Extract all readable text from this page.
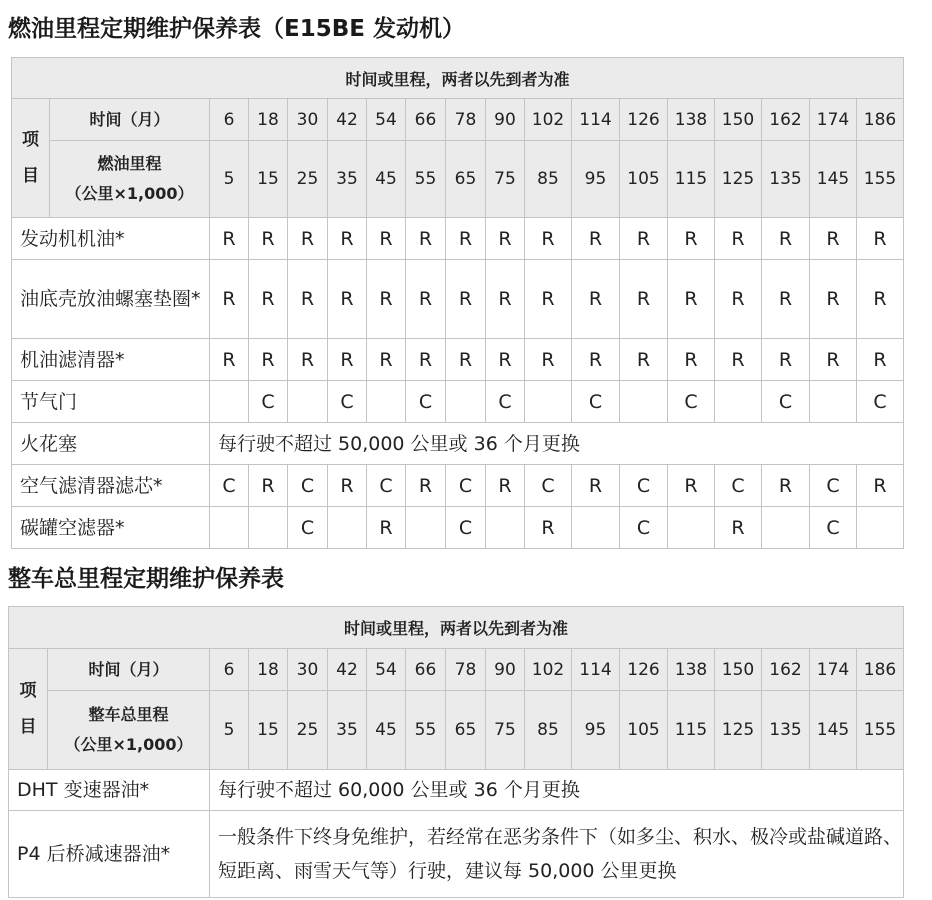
燃油里程定期维护保养表（E15BE 发动机）
时间或里程，两者以先到者为准																	

项
目	时间（月）	6	18	30	42	54	66	78	90	102	114	126	138	150	162	174	186

	燃油里程
（公里×1,000）	5	15	25	35	45	55	65	75	85	95	105	115	125	135	145	155
发动机机油*		R	R	R	R	R	R	R	R	R	R	R	R	R	R	R	R
油底壳放油螺塞垫圈*		R	R	R	R	R	R	R	R	R	R	R	R	R	R	R	R
机油滤清器*		R	R	R	R	R	R	R	R	R	R	R	R	R	R	R	R
节气门			C		C		C		C		C		C		C		C
火花塞		每行驶不超过 50,000 公里或 36 个月更换															
空气滤清器滤芯*		C	R	C	R	C	R	C	R	C	R	C	R	C	R	C	R
碳罐空滤器*				C		R		C		R		C		R		C	
整车总里程定期维护保养表
时间或里程，两者以先到者为准																	

项
目	时间（月）	6	18	30	42	54	66	78	90	102	114	126	138	150	162	174	186

	整车总里程
（公里×1,000）	5	15	25	35	45	55	65	75	85	95	105	115	125	135	145	155
DHT 变速器油*		每行驶不超过 60,000 公里或 36 个月更换															
P4 后桥减速器油*		一般条件下终身免维护，若经常在恶劣条件下（如多尘、积水、极冷或盐碱道路、短距离、雨雪天气等）行驶，建议每 50,000 公里更换															
